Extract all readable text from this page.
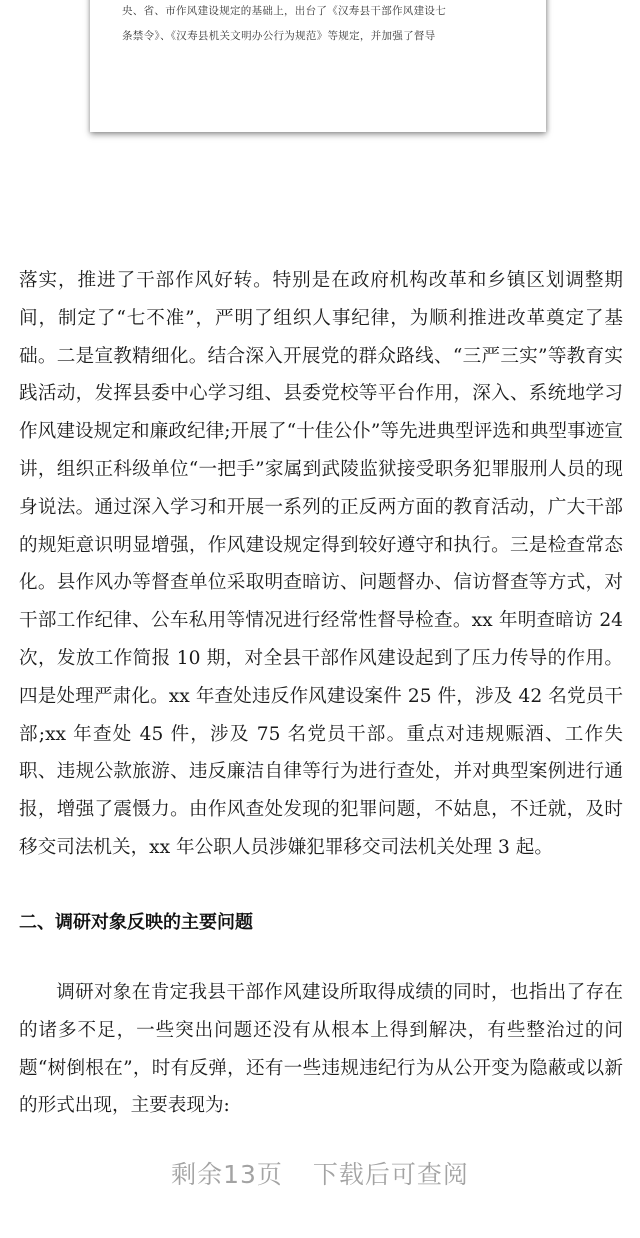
央、省、市作风建设规定的基础上，出台了《汉寿县干部作风建设七
条禁令》、《汉寿县机关文明办公行为规范》等规定，并加强了督导

落实，推进了干部作风好转。特别是在政府机构改革和乡镇区划调整期间，制定了“七不准”，严明了组织人事纪律，为顺利推进改革奠定了基础。二是宣教精细化。结合深入开展党的群众路线、“三严三实”等教育实践活动，发挥县委中心学习组、县委党校等平台作用，深入、系统地学习作风建设规定和廉政纪律;开展了“十佳公仆”等先进典型评选和典型事迹宣讲，组织正科级单位“一把手”家属到武陵监狱接受职务犯罪服刑人员的现身说法。通过深入学习和开展一系列的正反两方面的教育活动，广大干部的规矩意识明显增强，作风建设规定得到较好遵守和执行。三是检查常态化。县作风办等督查单位采取明查暗访、问题督办、信访督查等方式，对干部工作纪律、公车私用等情况进行经常性督导检查。xx 年明查暗访 24 次，发放工作简报 10 期，对全县干部作风建设起到了压力传导的作用。四是处理严肃化。xx 年查处违反作风建设案件 25 件，涉及 42 名党员干部;xx 年查处 45 件，涉及 75 名党员干部。重点对违规赈酒、工作失职、违规公款旅游、违反廉洁自律等行为进行查处，并对典型案例进行通报，增强了震慑力。由作风查处发现的犯罪问题，不姑息，不迁就，及时移交司法机关，xx 年公职人员涉嫌犯罪移交司法机关处理 3 起。

二、调研对象反映的主要问题

调研对象在肯定我县干部作风建设所取得成绩的同时，也指出了存在的诸多不足，一些突出问题还没有从根本上得到解决，有些整治过的问题“树倒根在”，时有反弹，还有一些违规违纪行为从公开变为隐蔽或以新的形式出现，主要表现为:

剩余13页 下载后可查阅
